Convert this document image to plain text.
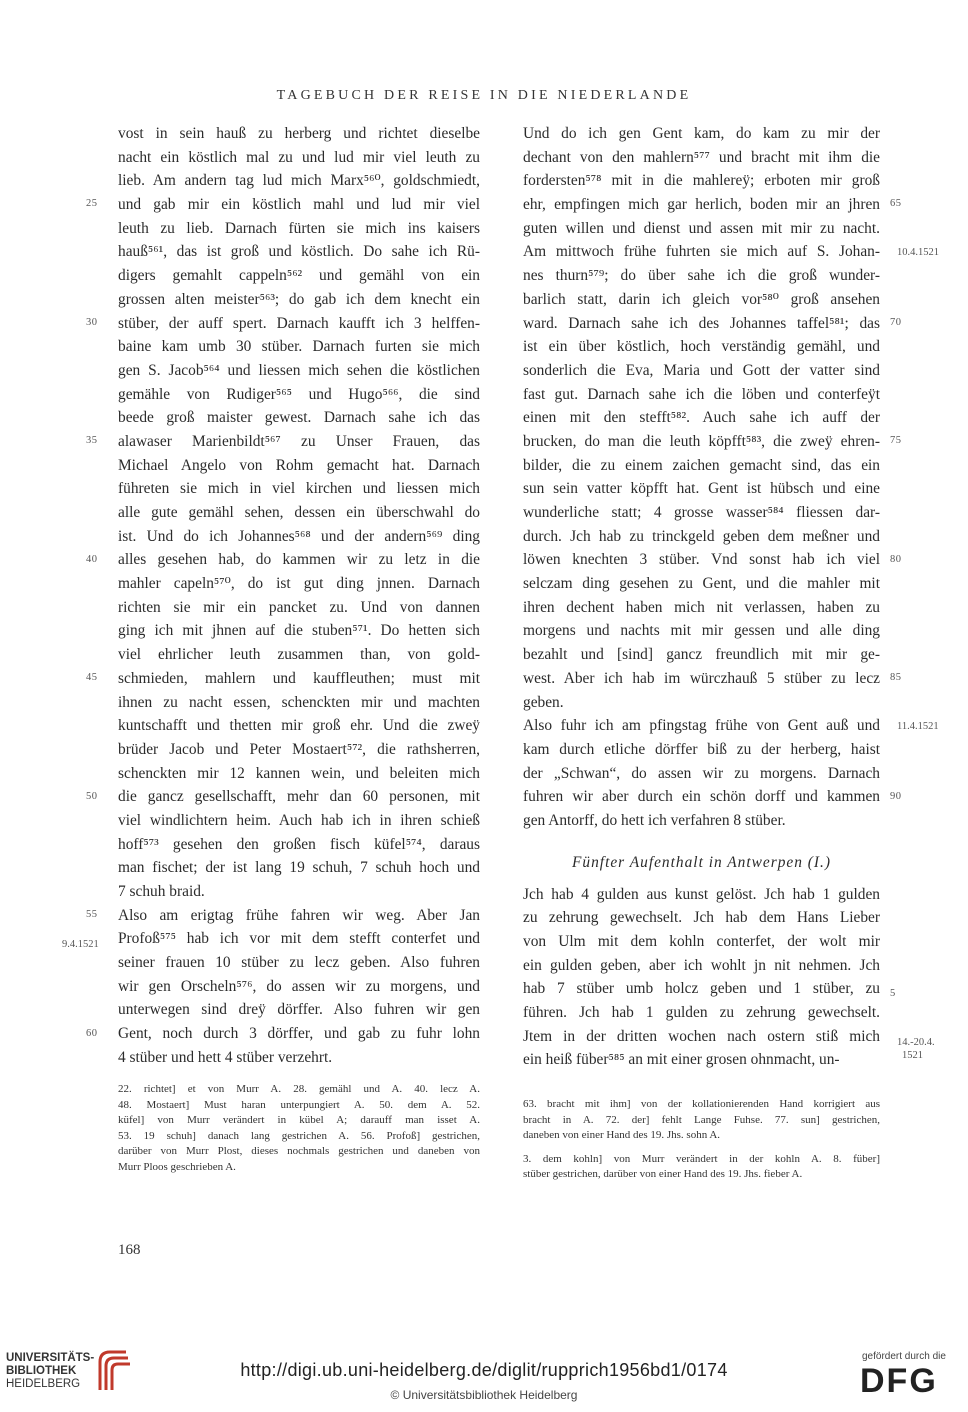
TAGEBUCH DER REISE IN DIE NIEDERLANDE
vost in sein hauß zu herberg und richtet dieselbe
nacht ein köstlich mal zu und lud mir viel leuth zu
lieb. Am andern tag lud mich Marx⁵⁶⁰, goldschmiedt,
und gab mir ein köstlich mahl und lud mir viel
leuth zu lieb. Darnach fürten sie mich ins kaisers
hauß⁵⁶¹, das ist groß und köstlich. Do sahe ich Rü-
digers gemahlt cappeln⁵⁶² und gemähl von ein
grossen alten meister⁵⁶³; do gab ich dem knecht ein
stüber, der auff spert. Darnach kaufft ich 3 helffen-
baine kam umb 30 stüber. Darnach furten sie mich
gen S. Jacob⁵⁶⁴ und liessen mich sehen die köstlichen
gemähle von Rudiger⁵⁶⁵ und Hugo⁵⁶⁶, die sind
beede groß maister gewest. Darnach sahe ich das
alawaser Marienbildt⁵⁶⁷ zu Unser Frauen, das
Michael Angelo von Rohm gemacht hat. Darnach
führeten sie mich in viel kirchen und liessen mich
alle gute gemähl sehen, dessen ein überschwahl do
ist. Und do ich Johannes⁵⁶⁸ und der andern⁵⁶⁹ ding
alles gesehen hab, do kammen wir zu letz in die
mahler capeln⁵⁷⁰, do ist gut ding jnnen. Darnach
richten sie mir ein pancket zu. Und von dannen
ging ich mit jhnen auf die stuben⁵⁷¹. Do hetten sich
viel ehrlicher leuth zusammen than, von gold-
schmieden, mahlern und kauffleuthen; must mit
ihnen zu nacht essen, schenckten mir und machten
kuntschafft und thetten mir groß ehr. Und die zweÿ
brüder Jacob und Peter Mostaert⁵⁷², die rathsherren,
schenckten mir 12 kannen wein, und beleiten mich
die gancz gesellschafft, mehr dan 60 personen, mit
viel windlichtern heim. Auch hab ich in ihren schieß
hoff⁵⁷³ gesehen den großen fisch küfel⁵⁷⁴, daraus
man fischet; der ist lang 19 schuh, 7 schuh hoch und
7 schuh braid.
Also am erigtag frühe fahren wir weg. Aber Jan
Profoß⁵⁷⁵ hab ich vor mit dem stefft conterfet und
seiner frauen 10 stüber zu lecz geben. Also fuhren
wir gen Orscheln⁵⁷⁶, do assen wir zu morgens, und
unterwegen sind dreÿ dörffer. Also fuhren wir gen
Gent, noch durch 3 dörffer, und gab zu fuhr lohn
4 stüber und hett 4 stüber verzehrt.
Und do ich gen Gent kam, do kam zu mir der
dechant von den mahlern⁵⁷⁷ und bracht mit ihm die
fordersten⁵⁷⁸ mit in die mahlereÿ; erboten mir groß
ehr, empfingen mich gar herlich, boden mir an jhren
guten willen und dienst und assen mit mir zu nacht.
Am mittwoch frühe fuhrten sie mich auf S. Johan-
nes thurn⁵⁷⁹; do über sahe ich die groß wunder-
barlich statt, darin ich gleich vor⁵⁸⁰ groß ansehen
ward. Darnach sahe ich des Johannes taffel⁵⁸¹; das
ist ein über köstlich, hoch verständig gemähl, und
sonderlich die Eva, Maria und Gott der vatter sind
fast gut. Darnach sahe ich die löben und conterfeÿt
einen mit den stefft⁵⁸². Auch sahe ich auff der
brucken, do man die leuth köpfft⁵⁸³, die zweÿ ehren-
bilder, die zu einem zaichen gemacht sind, das ein
sun sein vatter köpfft hat. Gent ist hübsch und eine
wunderliche statt; 4 grosse wasser⁵⁸⁴ fliessen dar-
durch. Jch hab zu trinckgeld geben dem meßner und
löwen knechten 3 stüber. Vnd sonst hab ich viel
selczam ding gesehen zu Gent, und die mahler mit
ihren dechent haben mich nit verlassen, haben zu
morgens und nachts mit mir gessen und alle ding
bezahlt und [sind] gancz freundlich mit mir ge-
west. Aber ich hab im würczhauß 5 stüber zu lecz
geben.
Also fuhr ich am pfingstag frühe von Gent auß und
kam durch etliche dörffer biß zu der herberg, haist
der „Schwan“, do assen wir zu morgens. Darnach
fuhren wir aber durch ein schön dorff und kammen
gen Antorff, do hett ich verfahren 8 stüber.
Fünfter Aufenthalt in Antwerpen (I.)
Jch hab 4 gulden aus kunst gelöst. Jch hab 1 gulden
zu zehrung gewechselt. Jch hab dem Hans Lieber
von Ulm mit dem kohln conterfet, der wolt mir
ein gulden geben, aber ich wohlt jn nit nehmen. Jch
hab 7 stüber umb holcz geben und 1 stüber, zu
führen. Jch hab 1 gulden zu zehrung gewechselt.
Jtem in der dritten wochen nach ostern stiß mich
ein heiß füber⁵⁸⁵ an mit einer grosen ohnmacht, un-
25
30
35
40
45
50
55
60
65
70
75
80
85
90
5
9.4.1521
10.4.1521
11.4.1521
14.-20.4.
1521
22. richtet] et von Murr A. 28. gemähl und A. 40. lecz A.
48. Mostaert] Must haran unterpungiert A. 50. dem A. 52.
küfel] von Murr verändert in kübel A; darauff man isset A.
53. 19 schuh] danach lang gestrichen A. 56. Profoß] gestrichen,
darüber von Murr Plost, dieses nochmals gestrichen und daneben von
Murr Ploos geschrieben A.
63. bracht mit ihm] von der kollationierenden Hand korrigiert aus
bracht in A. 72. der] fehlt Lange Fuhse. 77. sun] gestrichen,
daneben von einer Hand des 19. Jhs. sohn A.
3. dem kohln] von Murr verändert in der kohln A. 8. füber]
stüber gestrichen, darüber von einer Hand des 19. Jhs. fieber A.
168
UNIVERSITÄTS-
BIBLIOTHEK
HEIDELBERG
http://digi.ub.uni-heidelberg.de/diglit/rupprich1956bd1/0174
© Universitätsbibliothek Heidelberg
gefördert durch die
DFG
